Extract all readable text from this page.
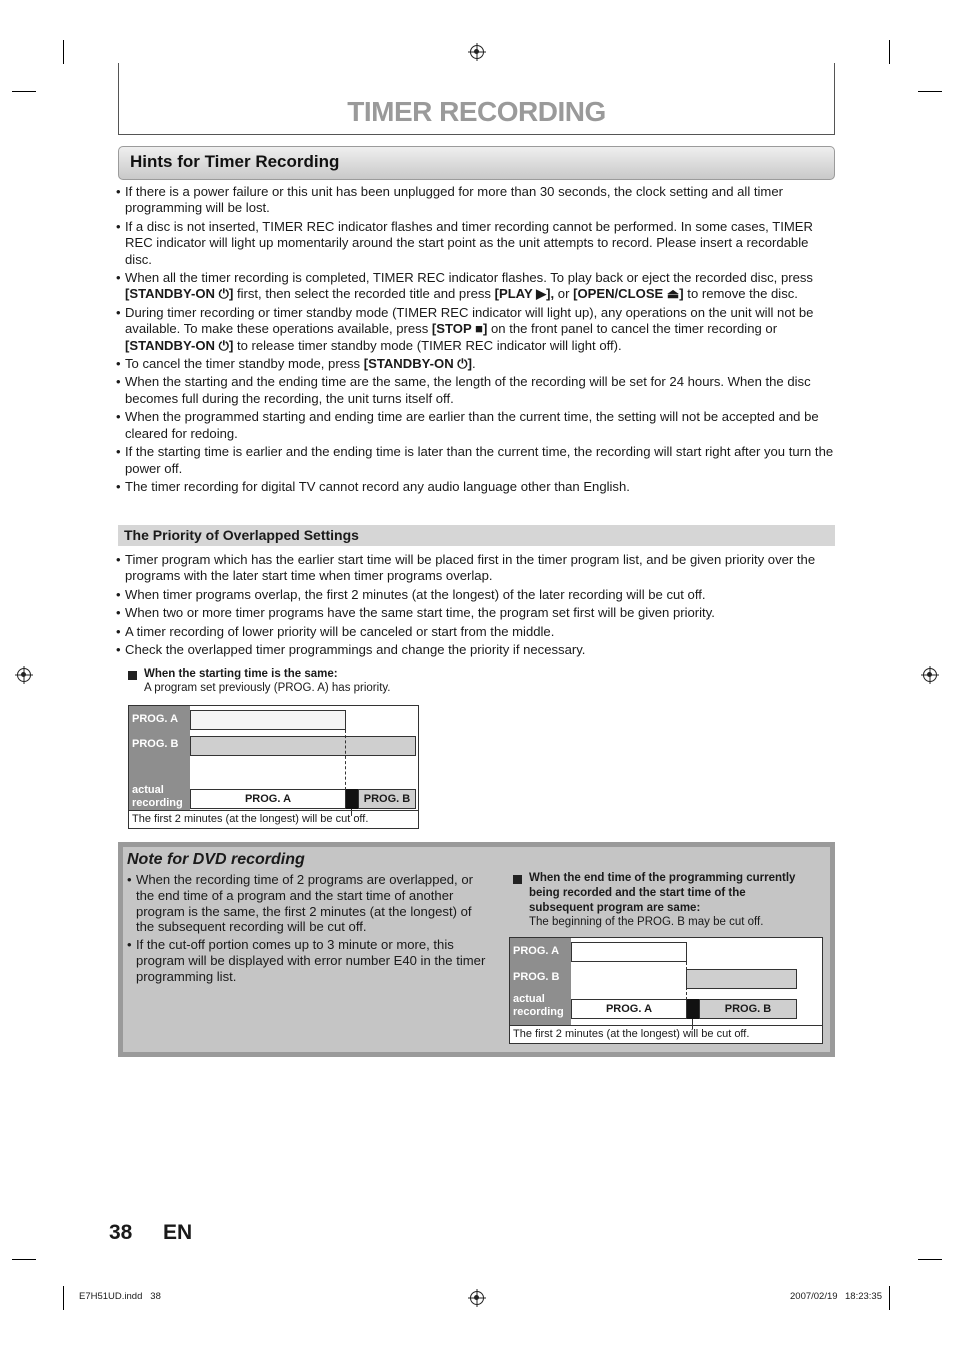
TIMER RECORDING
Hints for Timer Recording
• If there is a power failure or this unit has been unplugged for more than 30 seconds, the clock setting and all timer programming will be lost.
• If a disc is not inserted, TIMER REC indicator flashes and timer recording cannot be performed. In some cases, TIMER REC indicator will light up momentarily around the start point as the unit attempts to record. Please insert a recordable disc.
• When all the timer recording is completed, TIMER REC indicator flashes. To play back or eject the recorded disc, press [STANDBY-ON ⏻] first, then select the recorded title and press [PLAY ▶], or [OPEN/CLOSE ⏏] to remove the disc.
• During timer recording or timer standby mode (TIMER REC indicator will light up), any operations on the unit will not be available. To make these operations available, press [STOP ■] on the front panel to cancel the timer recording or [STANDBY-ON ⏻] to release timer standby mode (TIMER REC indicator will light off).
• To cancel the timer standby mode, press [STANDBY-ON ⏻].
• When the starting and the ending time are the same, the length of the recording will be set for 24 hours. When the disc becomes full during the recording, the unit turns itself off.
• When the programmed starting and ending time are earlier than the current time, the setting will not be accepted and be cleared for redoing.
• If the starting time is earlier and the ending time is later than the current time, the recording will start right after you turn the power off.
• The timer recording for digital TV cannot record any audio language other than English.
The Priority of Overlapped Settings
• Timer program which has the earlier start time will be placed first in the timer program list, and be given priority over the programs with the later start time when timer programs overlap.
• When timer programs overlap, the first 2 minutes (at the longest) of the later recording will be cut off.
• When two or more timer programs have the same start time, the program set first will be given priority.
• A timer recording of lower priority will be canceled or start from the middle.
• Check the overlapped timer programmings and change the priority if necessary.
When the starting time is the same:
A program set previously (PROG. A) has priority.
PROG. A
PROG. B
actual recording	PROG. A	PROG. B
The first 2 minutes (at the longest) will be cut off.
Note for DVD recording
• When the recording time of 2 programs are overlapped, or the end time of a program and the start time of another program is the same, the first 2 minutes (at the longest) of the subsequent recording will be cut off.
• If the cut-off portion comes up to 3 minute or more, this program will be displayed with error number E40 in the timer programming list.
When the end time of the programming currently being recorded and the start time of the subsequent program are same:
The beginning of the PROG. B may be cut off.
PROG. A
PROG. B
actual recording	PROG. A	PROG. B
The first 2 minutes (at the longest) will be cut off.
38 EN
E7H51UD.indd   38	2007/02/19 18:23:35
